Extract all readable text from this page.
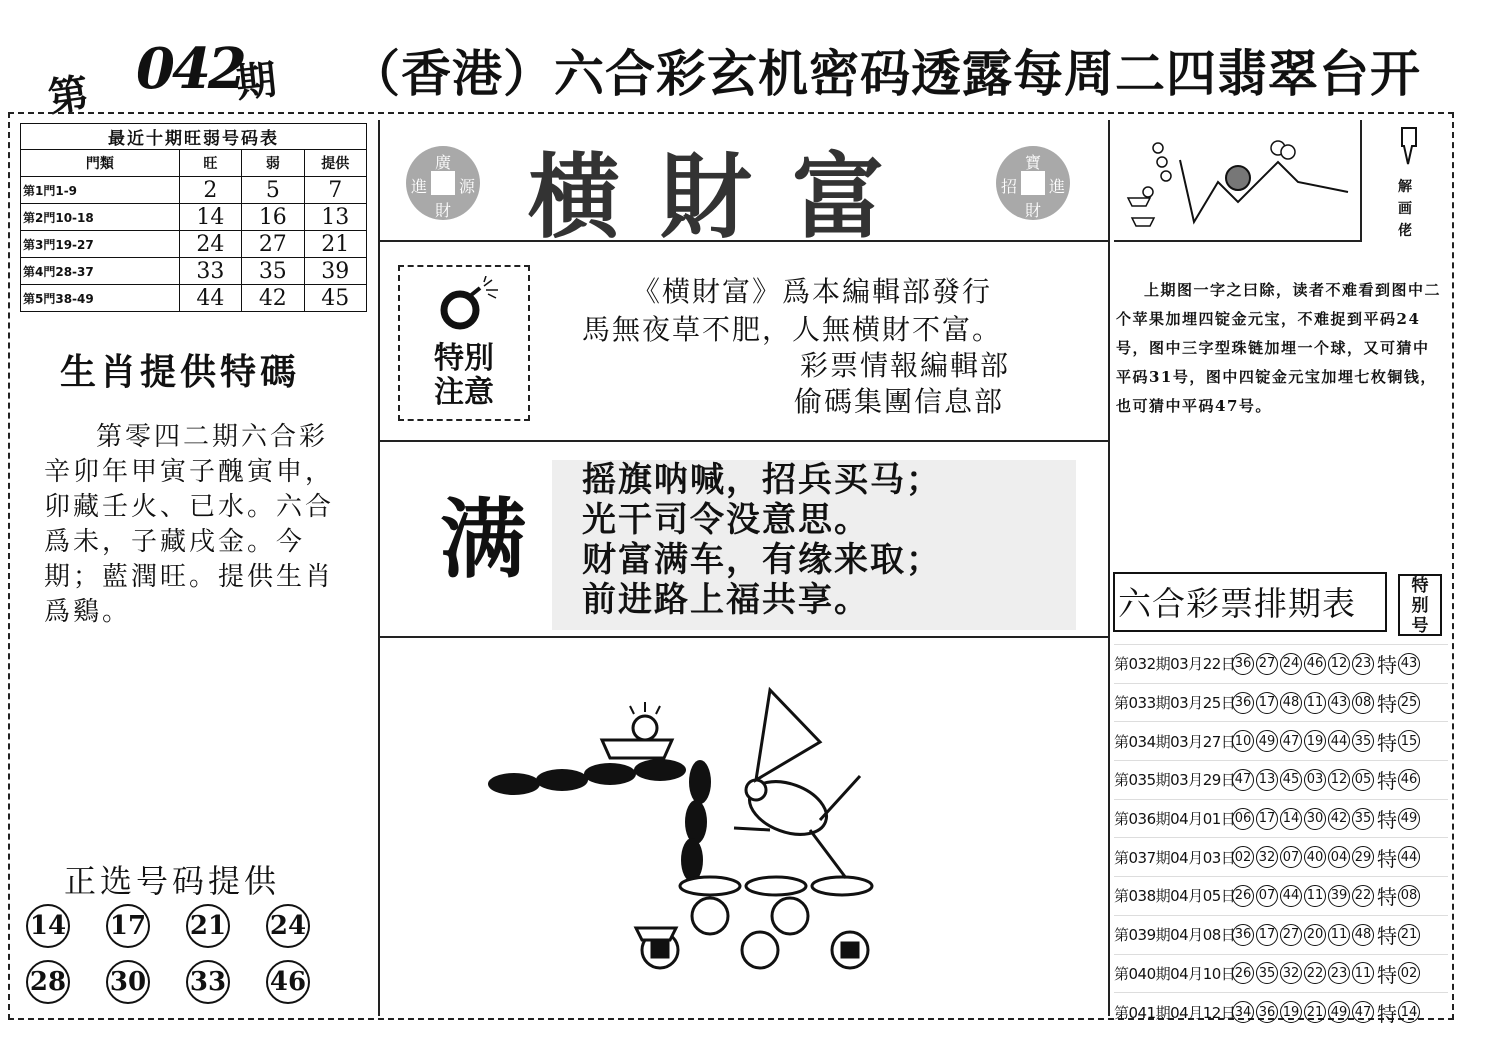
第 042
期 （香港）六合彩玄机密码透露每周二四翡翠台开
最近十期旺弱号码表			
門類	旺	弱	提供
第1門1-9	2	5	7
第2門10-18	14	16	13
第3門19-27	24	27	21
第4門28-37	33	35	39
第5門38-49	44	42	45
生肖提供特碼
第零四二期六合彩辛卯年甲寅子醜寅申，卯藏壬火、已水。六合爲未，子藏戌金。今期；藍潤旺。提供生肖爲鷄。
正选号码提供
14 17 21 24
28 30 33 46
廣
進 源
財 横財富	寶
招 進
財
特別
注意
《横財富》爲本編輯部發行
馬無夜草不肥，人無横財不富。
彩票情報編輯部
偷碼集團信息部
满
摇旗呐喊，招兵买马；
光干司令没意思。
财富满车，有缘来取；
前进路上福共享。
解
画
佬
上期图一字之曰除，读者不难看到图中二个苹果加埋四锭金元宝，不难捉到平码24号，图中三字型珠链加埋一个球，又可猜中平码31号，图中四锭金元宝加埋七枚铜钱，也可猜中平码47号。
六合彩票排期表	特
别
号
第032期03月22日 36 27 24 46 12 23 特 43
第033期03月25日 36 17 48 11 43 08 特 25
第034期03月27日 10 49 47 19 44 35 特 15
第035期03月29日 47 13 45 03 12 05 特 46
第036期04月01日 06 17 14 30 42 35 特 49
第037期04月03日 02 32 07 40 04 29 特 44
第038期04月05日 26 07 44 11 39 22 特 08
第039期04月08日 36 17 27 20 11 48 特 21
第040期04月10日 26 35 32 22 23 11 特 02
第041期04月12日 34 36 19 21 49 47 特 14
